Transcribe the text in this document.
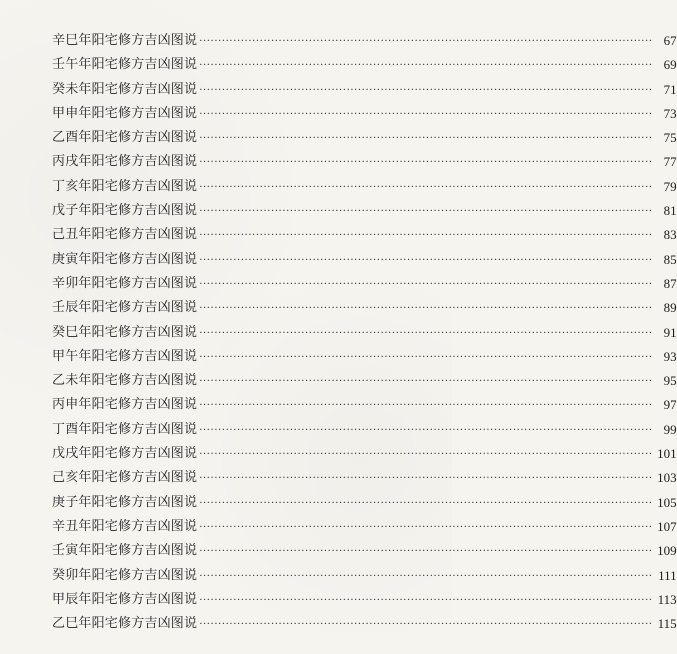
辛巳年阳宅修方吉凶图说 ························································································································ 67
壬午年阳宅修方吉凶图说 ························································································································ 69
癸未年阳宅修方吉凶图说 ························································································································ 71
甲申年阳宅修方吉凶图说 ························································································································ 73
乙酉年阳宅修方吉凶图说 ························································································································ 75
丙戌年阳宅修方吉凶图说 ························································································································ 77
丁亥年阳宅修方吉凶图说 ························································································································ 79
戊子年阳宅修方吉凶图说 ························································································································ 81
己丑年阳宅修方吉凶图说 ························································································································ 83
庚寅年阳宅修方吉凶图说 ························································································································ 85
辛卯年阳宅修方吉凶图说 ························································································································ 87
壬辰年阳宅修方吉凶图说 ························································································································ 89
癸巳年阳宅修方吉凶图说 ························································································································ 91
甲午年阳宅修方吉凶图说 ························································································································ 93
乙未年阳宅修方吉凶图说 ························································································································ 95
丙申年阳宅修方吉凶图说 ························································································································ 97
丁酉年阳宅修方吉凶图说 ························································································································ 99
戊戌年阳宅修方吉凶图说 ························································································································ 101
己亥年阳宅修方吉凶图说 ························································································································ 103
庚子年阳宅修方吉凶图说 ························································································································ 105
辛丑年阳宅修方吉凶图说 ························································································································ 107
壬寅年阳宅修方吉凶图说 ························································································································ 109
癸卯年阳宅修方吉凶图说 ························································································································ 111
甲辰年阳宅修方吉凶图说 ························································································································ 113
乙巳年阳宅修方吉凶图说 ························································································································ 115
